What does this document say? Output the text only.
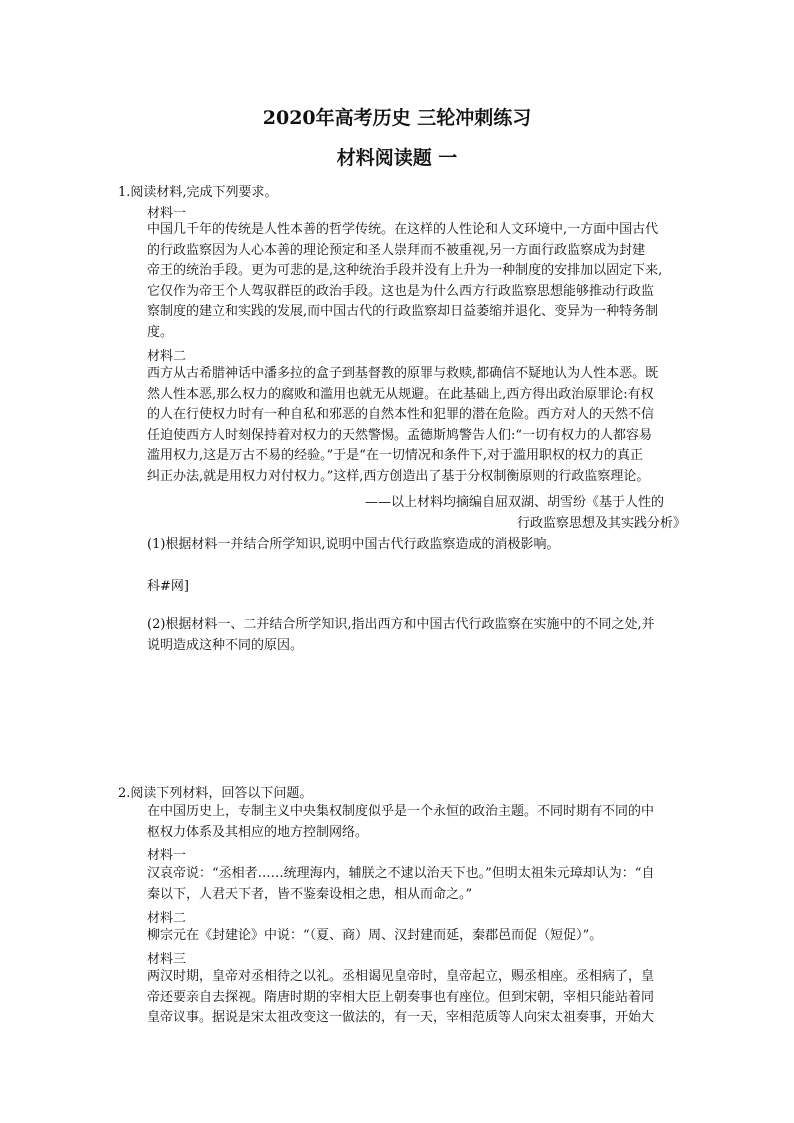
2020年高考历史 三轮冲刺练习
材料阅读题 一
1.阅读材料,完成下列要求。
材料一
中国几千年的传统是人性本善的哲学传统。在这样的人性论和人文环境中,一方面中国古代
的行政监察因为人心本善的理论预定和圣人崇拜而不被重视,另一方面行政监察成为封建
帝王的统治手段。更为可悲的是,这种统治手段并没有上升为一种制度的安排加以固定下来,
它仅作为帝王个人驾驭群臣的政治手段。这也是为什么西方行政监察思想能够推动行政监
察制度的建立和实践的发展,而中国古代的行政监察却日益萎缩并退化、变异为一种特务制
度。
材料二
西方从古希腊神话中潘多拉的盒子到基督教的原罪与救赎,都确信不疑地认为人性本恶。既
然人性本恶,那么权力的腐败和滥用也就无从规避。在此基础上,西方得出政治原罪论:有权
的人在行使权力时有一种自私和邪恶的自然本性和犯罪的潜在危险。西方对人的天然不信
任迫使西方人时刻保持着对权力的天然警惕。孟德斯鸠警告人们:“一切有权力的人都容易
滥用权力,这是万古不易的经验。”于是“在一切情况和条件下,对于滥用职权的权力的真正
纠正办法,就是用权力对付权力。”这样,西方创造出了基于分权制衡原则的行政监察理论。
——以上材料均摘编自屈双湖、胡雪纷《基于人性的
行政监察思想及其实践分析》
(1)根据材料一并结合所学知识,说明中国古代行政监察造成的消极影响。
科#网]
(2)根据材料一、二并结合所学知识,指出西方和中国古代行政监察在实施中的不同之处,并
说明造成这种不同的原因。
2.阅读下列材料，回答以下问题。
在中国历史上，专制主义中央集权制度似乎是一个永恒的政治主题。不同时期有不同的中
枢权力体系及其相应的地方控制网络。
材料一
汉哀帝说：“丞相者……统理海内，辅朕之不逮以治天下也。”但明太祖朱元璋却认为：“自
秦以下，人君天下者，皆不鉴秦设相之患，相从而命之。”
材料二
柳宗元在《封建论》中说：“（夏、商）周、汉封建而延，秦郡邑而促（短促）”。
材料三
两汉时期，皇帝对丞相待之以礼。丞相谒见皇帝时，皇帝起立，赐丞相座。丞相病了，皇
帝还要亲自去探视。隋唐时期的宰相大臣上朝奏事也有座位。但到宋朝，宰相只能站着同
皇帝议事。据说是宋太祖改变这一做法的，有一天，宰相范质等人向宋太祖奏事，开始大
